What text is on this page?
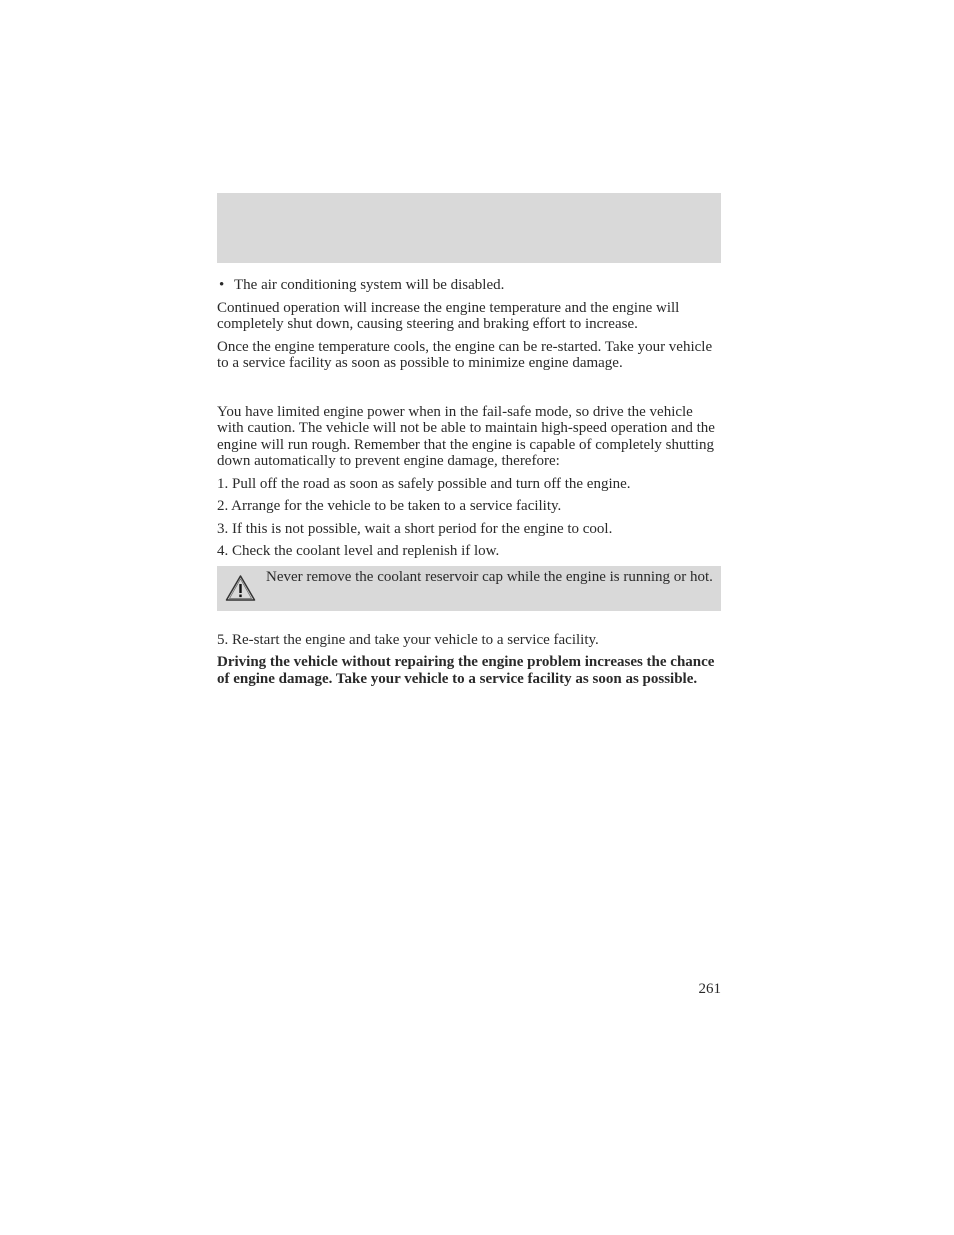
• The air conditioning system will be disabled.

Continued operation will increase the engine temperature and the engine will completely shut down, causing steering and braking effort to increase.

Once the engine temperature cools, the engine can be re-started. Take your vehicle to a service facility as soon as possible to minimize engine damage.

You have limited engine power when in the fail-safe mode, so drive the vehicle with caution. The vehicle will not be able to maintain high-speed operation and the engine will run rough. Remember that the engine is capable of completely shutting down automatically to prevent engine damage, therefore:

1. Pull off the road as soon as safely possible and turn off the engine.
2. Arrange for the vehicle to be taken to a service facility.
3. If this is not possible, wait a short period for the engine to cool.
4. Check the coolant level and replenish if low.
Never remove the coolant reservoir cap while the engine is running or hot.
5. Re-start the engine and take your vehicle to a service facility.

Driving the vehicle without repairing the engine problem increases the chance of engine damage. Take your vehicle to a service facility as soon as possible.

261
